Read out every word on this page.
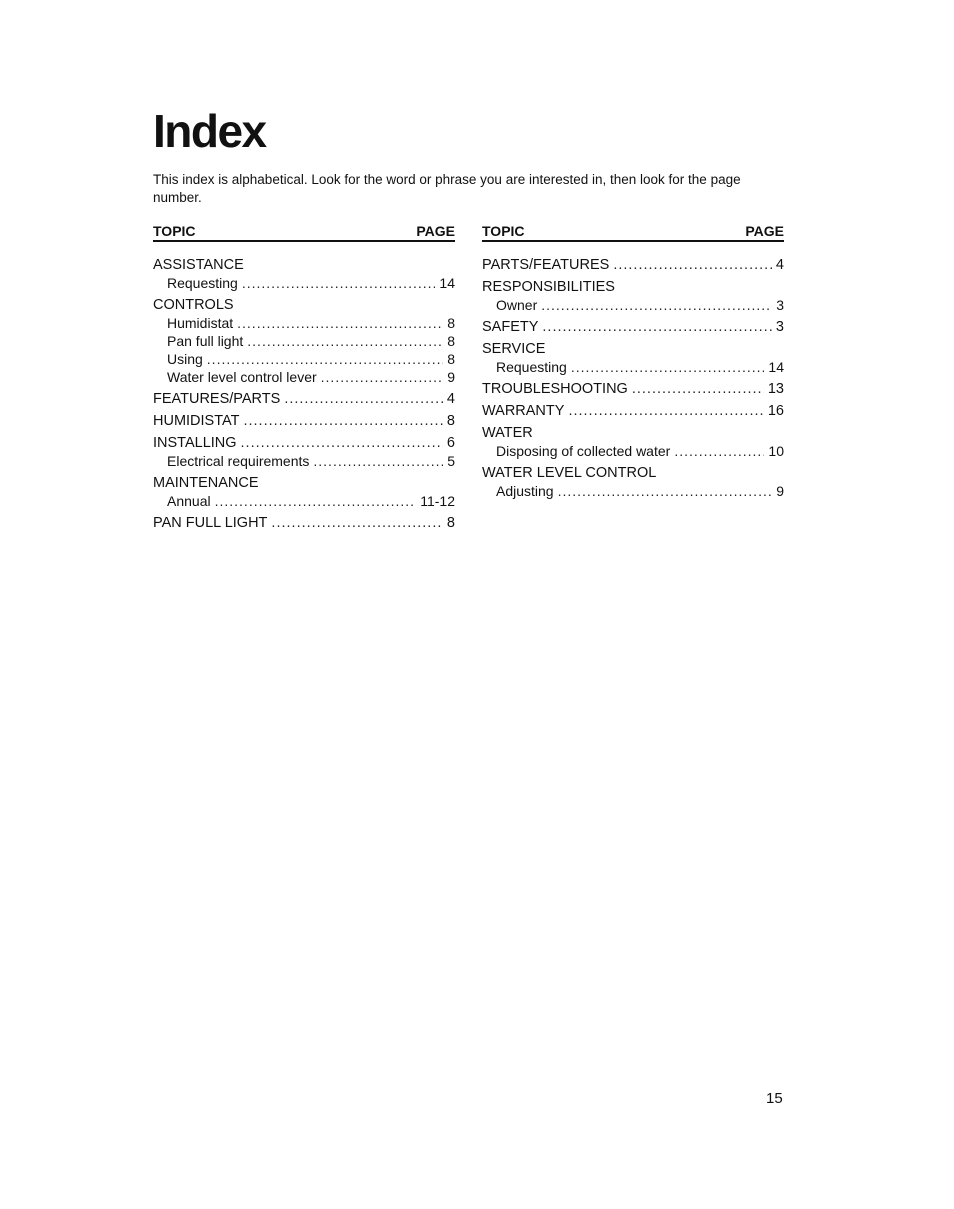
Index

This index is alphabetical. Look for the word or phrase you are interested in, then look for the page number.

TOPIC	PAGE
ASSISTANCE
Requesting .....	14
CONTROLS
Humidistat .....	8
Pan full light .....	8
Using .....	8
Water level control lever .....	9
FEATURES/PARTS .....	4
HUMIDISTAT .....	8
INSTALLING .....	6
Electrical requirements .....	5
MAINTENANCE
Annual .....	11-12
PAN FULL LIGHT .....	8
TOPIC	PAGE
PARTS/FEATURES .....	4
RESPONSIBILITIES
Owner .....	3
SAFETY .....	3
SERVICE
Requesting .....	14
TROUBLESHOOTING .....	13
WARRANTY .....	16
WATER
Disposing of collected water .....	10
WATER LEVEL CONTROL
Adjusting .....	9

15
